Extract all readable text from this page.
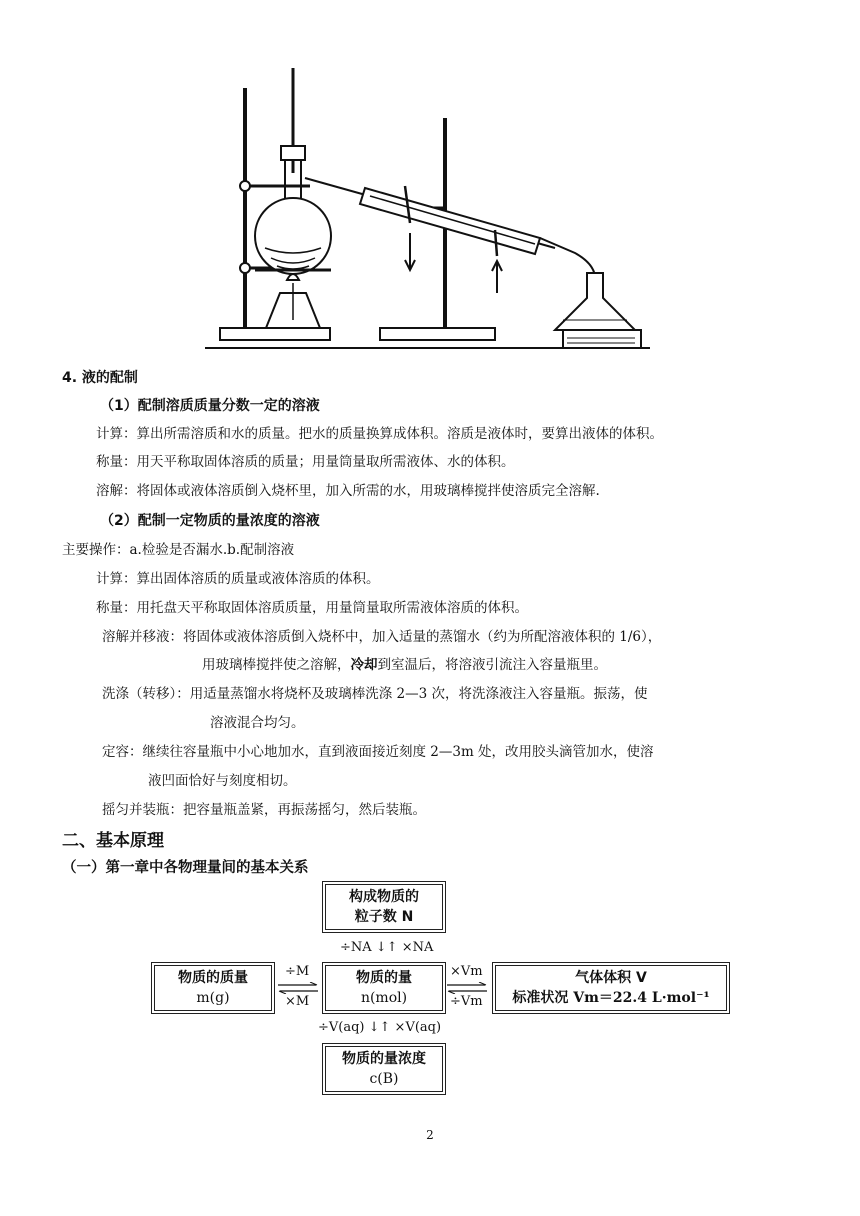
4. 液的配制
（1）配制溶质质量分数一定的溶液
计算：算出所需溶质和水的质量。把水的质量换算成体积。溶质是液体时，要算出液体的体积。
称量：用天平称取固体溶质的质量；用量筒量取所需液体、水的体积。
溶解：将固体或液体溶质倒入烧杯里，加入所需的水，用玻璃棒搅拌使溶质完全溶解.
（2）配制一定物质的量浓度的溶液
主要操作：a.检验是否漏水.b.配制溶液
计算：算出固体溶质的质量或液体溶质的体积。
称量：用托盘天平称取固体溶质质量，用量筒量取所需液体溶质的体积。
溶解并移液：将固体或液体溶质倒入烧杯中，加入适量的蒸馏水（约为所配溶液体积的 1/6），
用玻璃棒搅拌使之溶解，冷却到室温后，将溶液引流注入容量瓶里。
洗涤（转移）：用适量蒸馏水将烧杯及玻璃棒洗涤 2—3 次，将洗涤液注入容量瓶。振荡，使
溶液混合均匀。
定容：继续往容量瓶中小心地加水，直到液面接近刻度 2—3m 处，改用胶头滴管加水，使溶
液凹面恰好与刻度相切。
摇匀并装瓶：把容量瓶盖紧，再振荡摇匀，然后装瓶。
二、基本原理
（一）第一章中各物理量间的基本关系
构成物质的
粒子数 N
÷NA ↓↑ ×NA
物质的质量
m(g)
÷M
×M
物质的量
n(mol)
×Vm
÷Vm
气体体积 V
标准状况 Vm＝22.4 L·mol⁻¹
÷V(aq) ↓↑ ×V(aq)
物质的量浓度
c(B)
2
